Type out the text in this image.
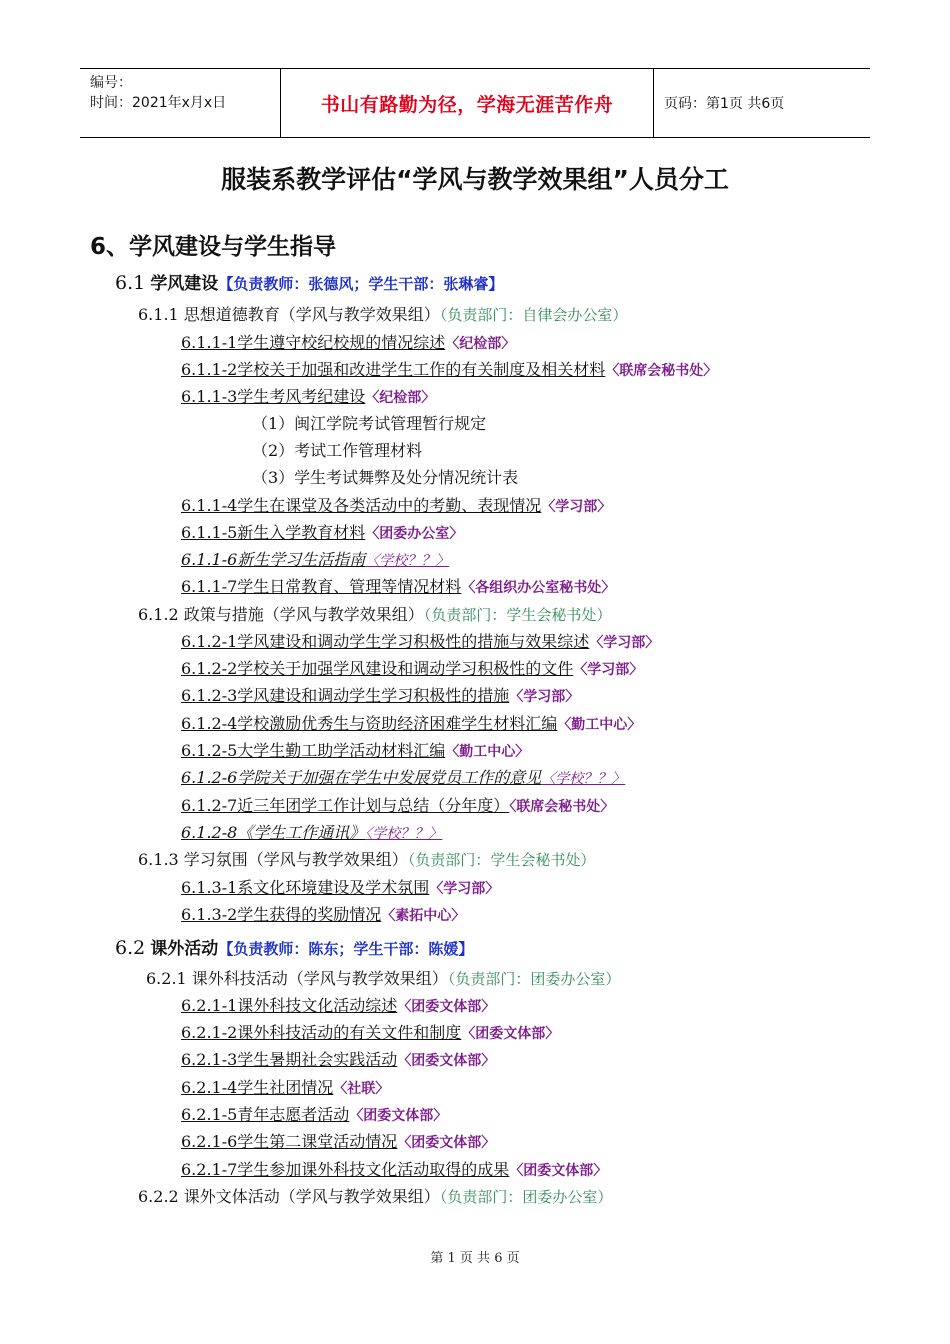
编号：
时间：2021年x月x日	书山有路勤为径，学海无涯苦作舟	页码：第1页 共6页
服装系教学评估“学风与教学效果组”人员分工
6、学风建设与学生指导
6.1 学风建设【负责教师：张德风；学生干部：张琳睿】
6.1.1 思想道德教育（学风与教学效果组）（负责部门：自律会办公室）
6.1.1-1学生遵守校纪校规的情况综述〈纪检部〉
6.1.1-2学校关于加强和改进学生工作的有关制度及相关材料〈联席会秘书处〉
6.1.1-3学生考风考纪建设〈纪检部〉
（1）闽江学院考试管理暂行规定
（2）考试工作管理材料
（3）学生考试舞弊及处分情况统计表
6.1.1-4学生在课堂及各类活动中的考勤、表现情况〈学习部〉
6.1.1-5新生入学教育材料〈团委办公室〉
6.1.1-6新生学习生活指南〈学校？？〉
6.1.1-7学生日常教育、管理等情况材料〈各组织办公室秘书处〉
6.1.2 政策与措施（学风与教学效果组）（负责部门：学生会秘书处）
6.1.2-1学风建设和调动学生学习积极性的措施与效果综述〈学习部〉
6.1.2-2学校关于加强学风建设和调动学习积极性的文件〈学习部〉
6.1.2-3学风建设和调动学生学习积极性的措施〈学习部〉
6.1.2-4学校激励优秀生与资助经济困难学生材料汇编〈勤工中心〉
6.1.2-5大学生勤工助学活动材料汇编〈勤工中心〉
6.1.2-6学院关于加强在学生中发展党员工作的意见〈学校？？〉
6.1.2-7近三年团学工作计划与总结（分年度）〈联席会秘书处〉
6.1.2-8《学生工作通讯》〈学校？？〉
6.1.3 学习氛围（学风与教学效果组）（负责部门：学生会秘书处）
6.1.3-1系文化环境建设及学术氛围〈学习部〉
6.1.3-2学生获得的奖励情况〈素拓中心〉
6.2 课外活动【负责教师：陈东；学生干部：陈媛】
6.2.1 课外科技活动（学风与教学效果组）（负责部门：团委办公室）
6.2.1-1课外科技文化活动综述〈团委文体部〉
6.2.1-2课外科技活动的有关文件和制度〈团委文体部〉
6.2.1-3学生暑期社会实践活动〈团委文体部〉
6.2.1-4学生社团情况〈社联〉
6.2.1-5青年志愿者活动〈团委文体部〉
6.2.1-6学生第二课堂活动情况〈团委文体部〉
6.2.1-7学生参加课外科技文化活动取得的成果〈团委文体部〉
6.2.2 课外文体活动（学风与教学效果组）（负责部门：团委办公室）
第 1 页 共 6 页
